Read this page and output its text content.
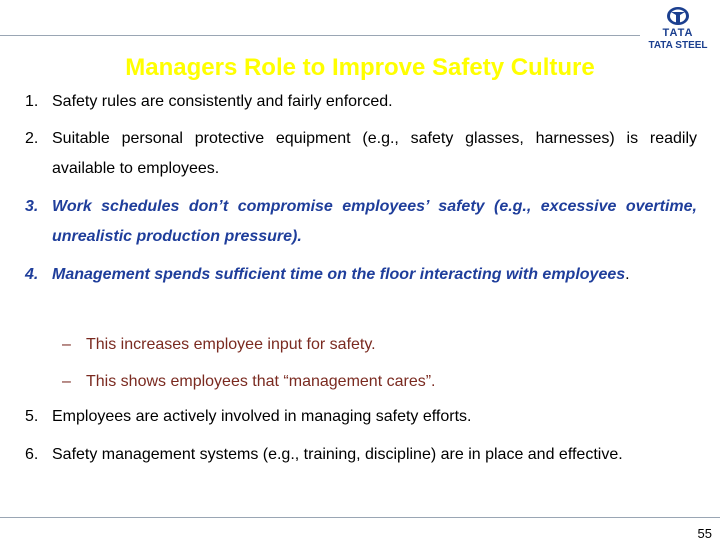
TATA
TATA STEEL
Managers Role to Improve Safety Culture
1. Safety rules are consistently and fairly enforced.
2. Suitable personal protective equipment (e.g., safety glasses, harnesses) is readily available to employees.
3. Work schedules don’t compromise employees’ safety (e.g., excessive overtime, unrealistic production pressure).
4. Management spends sufficient time on the floor interacting with employees.
– This increases employee input for safety.
– This shows employees that “management cares”.
5. Employees are actively involved in managing safety efforts.
6. Safety management systems (e.g., training, discipline) are in place and effective.
55
